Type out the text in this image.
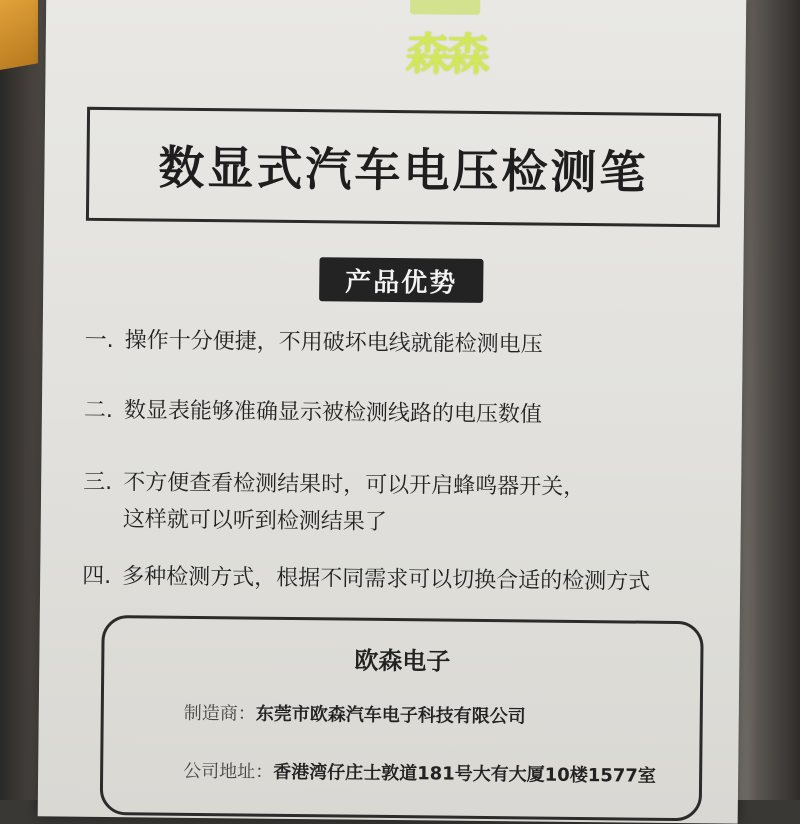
森森
数显式汽车电压检测笔
产品优势
一. 操作十分便捷，不用破坏电线就能检测电压
二. 数显表能够准确显示被检测线路的电压数值
三. 不方便查看检测结果时，可以开启蜂鸣器开关，
这样就可以听到检测结果了
四. 多种检测方式，根据不同需求可以切换合适的检测方式
欧森电子
制造商：东莞市欧森汽车电子科技有限公司
公司地址：香港湾仔庄士敦道181号大有大厦10楼1577室
